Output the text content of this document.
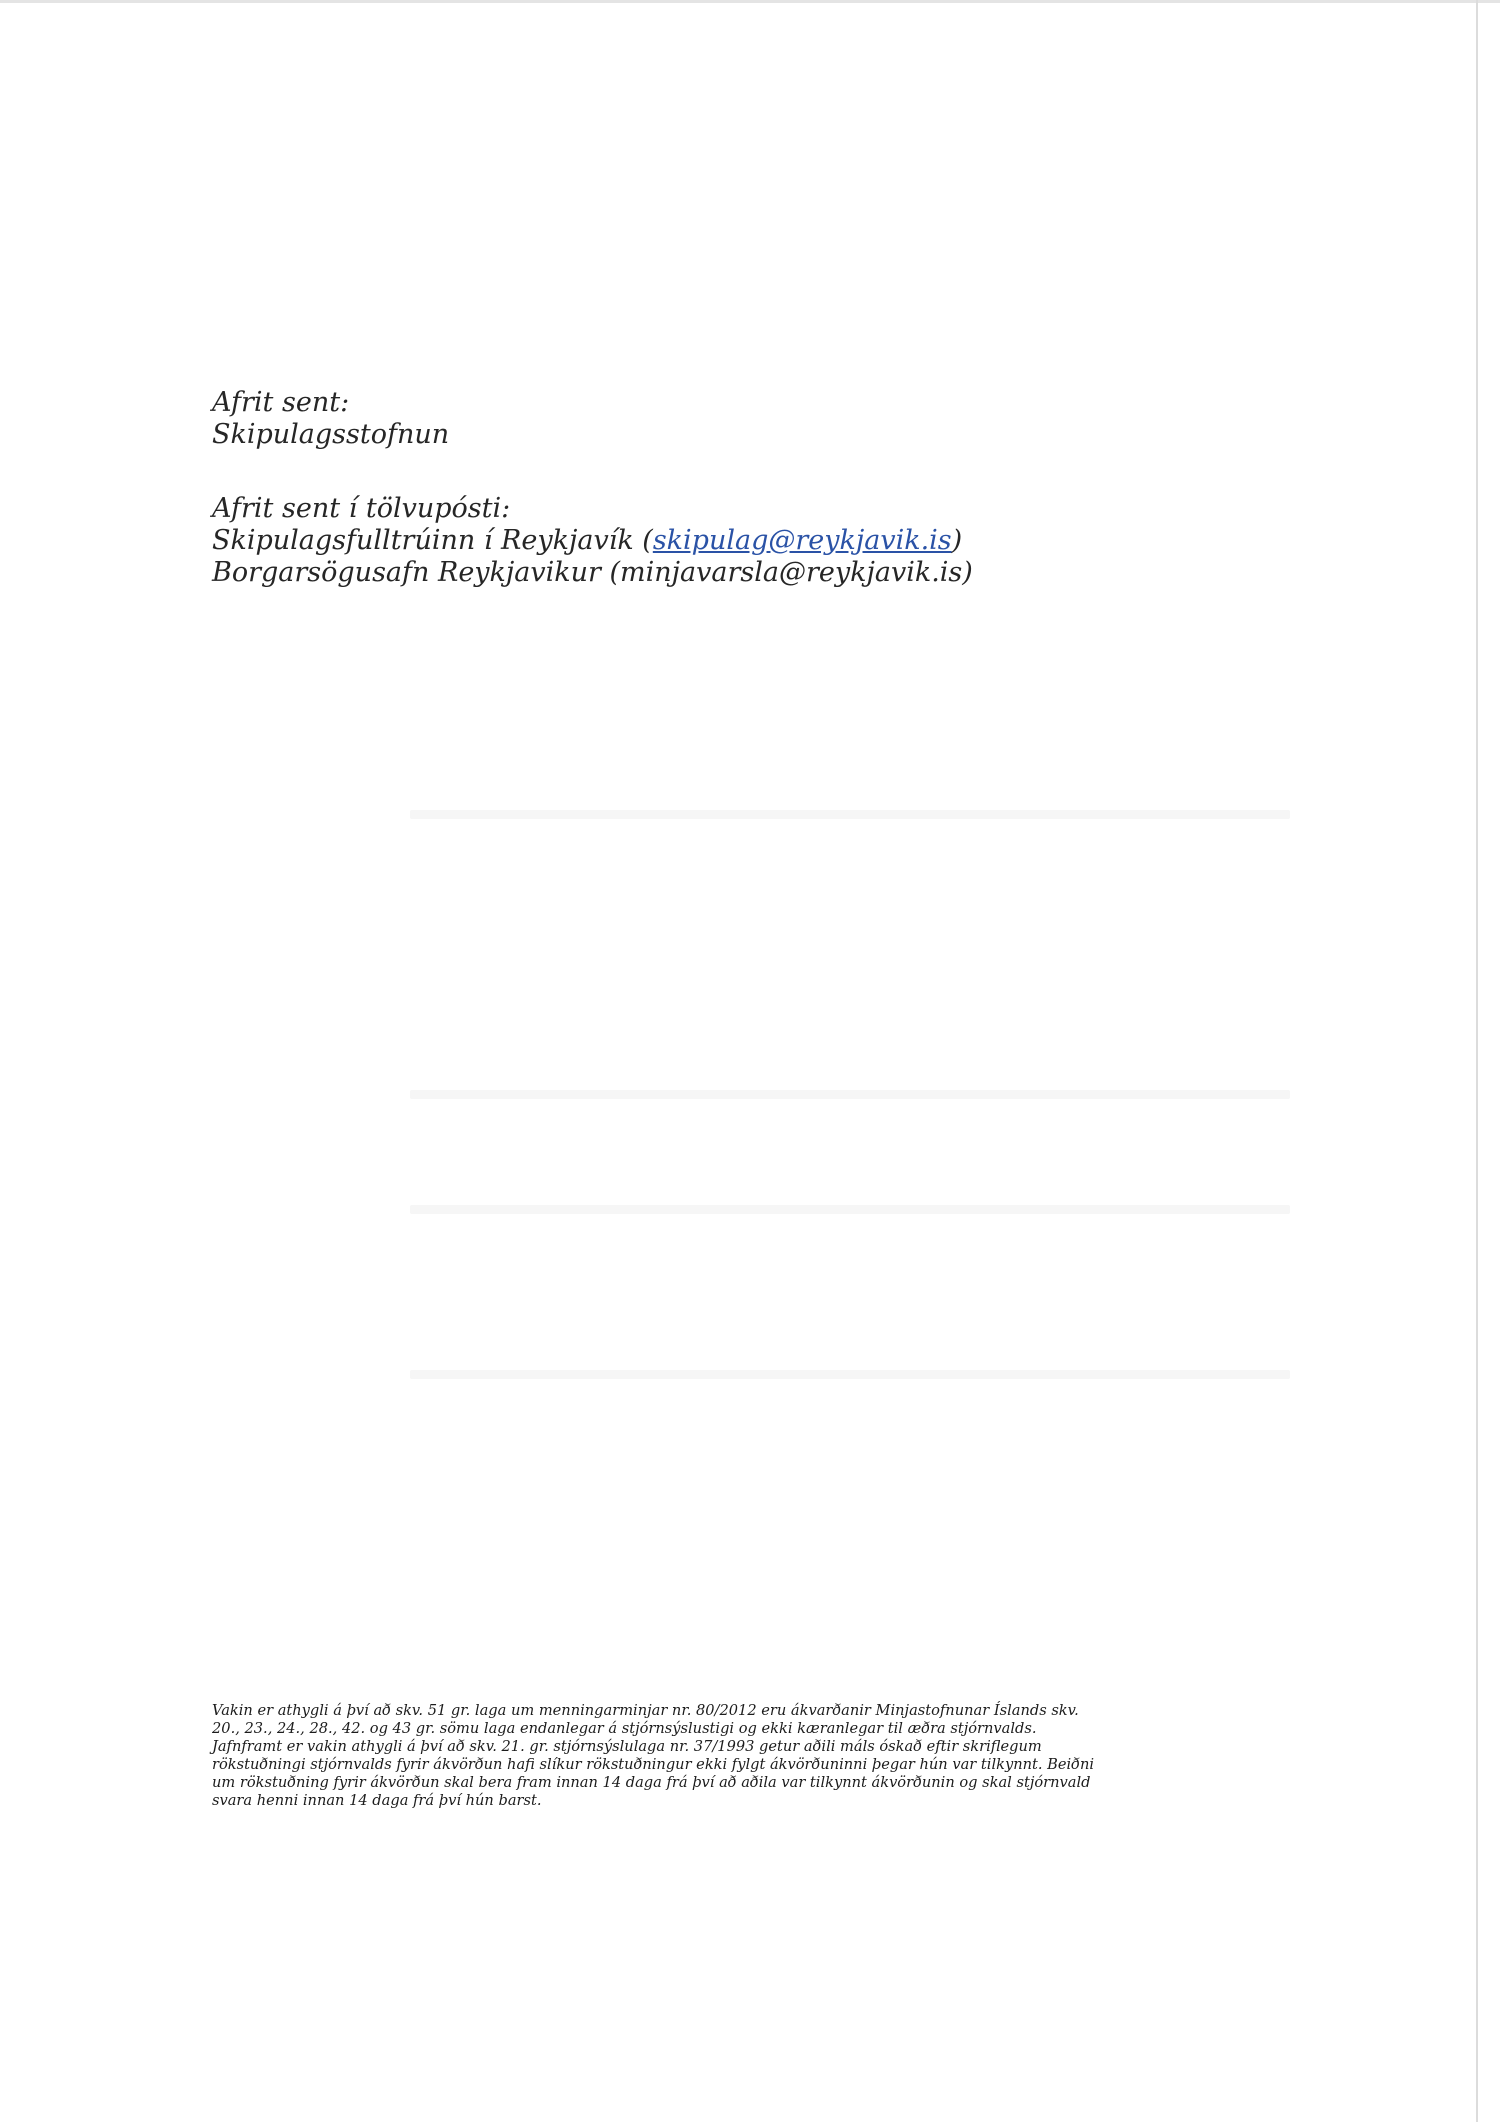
Afrit sent:
Skipulagsstofnun
Afrit sent í tölvupósti:
Skipulagsfulltrúinn í Reykjavík (skipulag@reykjavik.is)
Borgarsögusafn Reykjavikur (minjavarsla@reykjavik.is)
Vakin er athygli á því að skv. 51 gr. laga um menningarminjar nr. 80/2012 eru ákvarðanir Minjastofnunar Íslands skv.
20., 23., 24., 28., 42. og 43 gr. sömu laga endanlegar á stjórnsýslustigi og ekki kæranlegar til æðra stjórnvalds.
Jafnframt er vakin athygli á því að skv. 21. gr. stjórnsýslulaga nr. 37/1993 getur aðili máls óskað eftir skriflegum
rökstuðningi stjórnvalds fyrir ákvörðun hafi slíkur rökstuðningur ekki fylgt ákvörðuninni þegar hún var tilkynnt. Beiðni
um rökstuðning fyrir ákvörðun skal bera fram innan 14 daga frá því að aðila var tilkynnt ákvörðunin og skal stjórnvald
svara henni innan 14 daga frá því hún barst.
